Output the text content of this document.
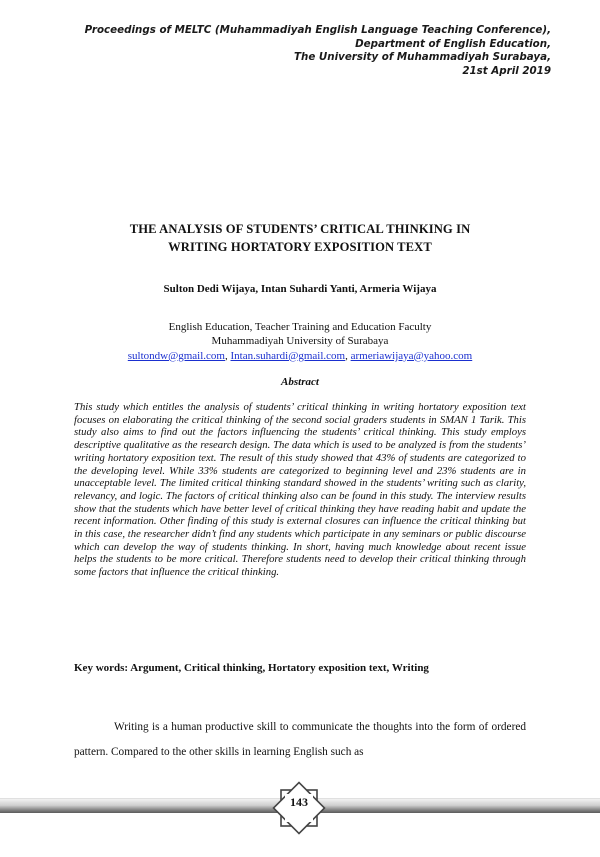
Proceedings of MELTC (Muhammadiyah English Language Teaching Conference),
Department of English Education,
The University of Muhammadiyah Surabaya,
21st April 2019
THE ANALYSIS OF STUDENTS’ CRITICAL THINKING IN
WRITING HORTATORY EXPOSITION TEXT
Sulton Dedi Wijaya, Intan Suhardi Yanti, Armeria Wijaya
English Education, Teacher Training and Education Faculty
Muhammadiyah University of Surabaya
sultondw@gmail.com, Intan.suhardi@gmail.com, armeriawijaya@yahoo.com
Abstract

This study which entitles the analysis of students’ critical thinking in writing hortatory exposition text focuses on elaborating the critical thinking of the second social graders students in SMAN 1 Tarik. This study also aims to find out the factors influencing the students’ critical thinking. This study employs descriptive qualitative as the research design. The data which is used to be analyzed is from the students’ writing hortatory exposition text. The result of this study showed that 43% of students are categorized to the developing level. While 33% students are categorized to beginning level and 23% students are in unacceptable level. The limited critical thinking standard showed in the students’ writing such as clarity, relevancy, and logic. The factors of critical thinking also can be found in this study. The interview results show that the students which have better level of critical thinking they have reading habit and update the recent information. Other finding of this study is external closures can influence the critical thinking but in this case, the researcher didn’t find any students which participate in any seminars or public discourse which can develop the way of students thinking. In short, having much knowledge about recent issue helps the students to be more critical. Therefore students need to develop their critical thinking through some factors that influence the critical thinking.

Key words: Argument, Critical thinking, Hortatory exposition text, Writing

Writing is a human productive skill to communicate the thoughts into the form of ordered pattern. Compared to the other skills in learning English such as

143
